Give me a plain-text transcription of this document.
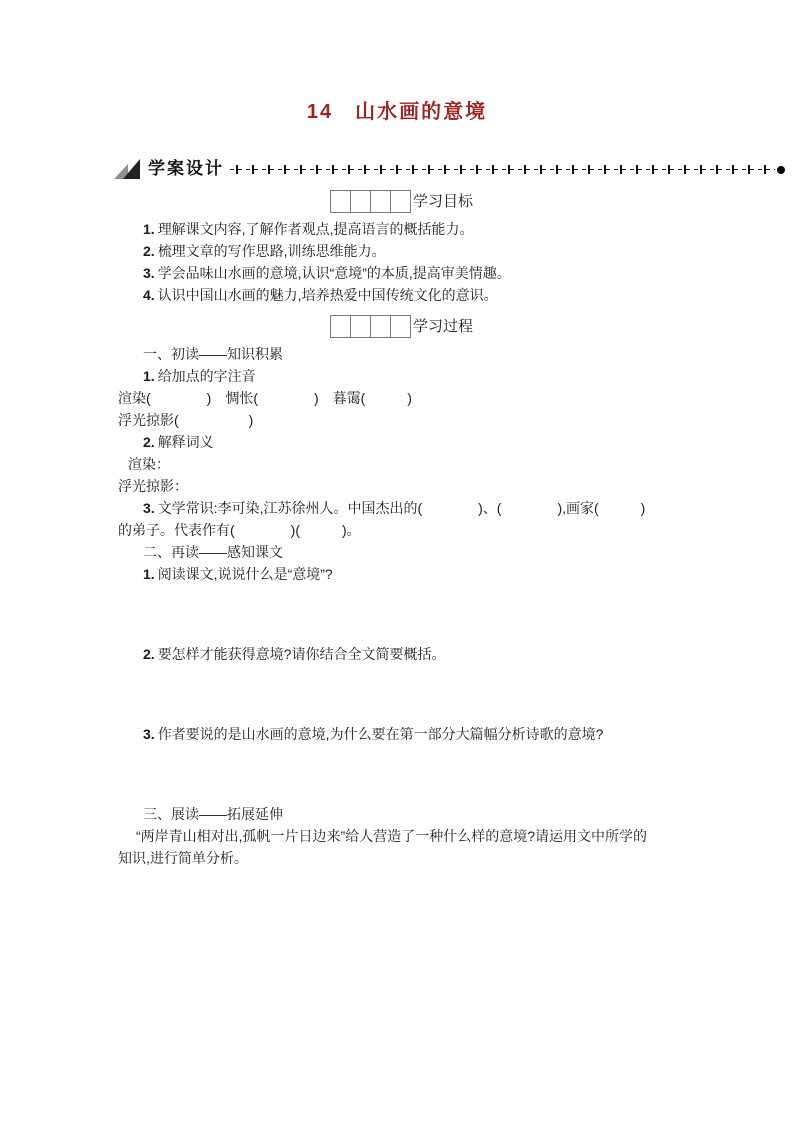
14　山水画的意境
学案设计
学习目标
1. 理解课文内容,了解作者观点,提高语言的概括能力。
2. 梳理文章的写作思路,训练思维能力。
3. 学会品味山水画的意境,认识“意境”的本质,提高审美情趣。
4. 认识中国山水画的魅力,培养热爱中国传统文化的意识。
学习过程
一、初读——知识积累
1. 给加点的字注音
渲染(　　　　)　惆怅(　　　　)　暮霭(　　　)
浮光掠影(　　　　　)
2. 解释词义
渲染：
浮光掠影：
3. 文学常识:李可染,江苏徐州人。中国杰出的(　　　　)、(　　　　),画家(　　　)
的弟子。代表作有(　　　　)(　　　)。
二、再读——感知课文
1. 阅读课文,说说什么是“意境”?
2. 要怎样才能获得意境?请你结合全文简要概括。
3. 作者要说的是山水画的意境,为什么要在第一部分大篇幅分析诗歌的意境?
三、展读——拓展延伸
“两岸青山相对出,孤帆一片日边来”给人营造了一种什么样的意境?请运用文中所学的
知识,进行简单分析。
